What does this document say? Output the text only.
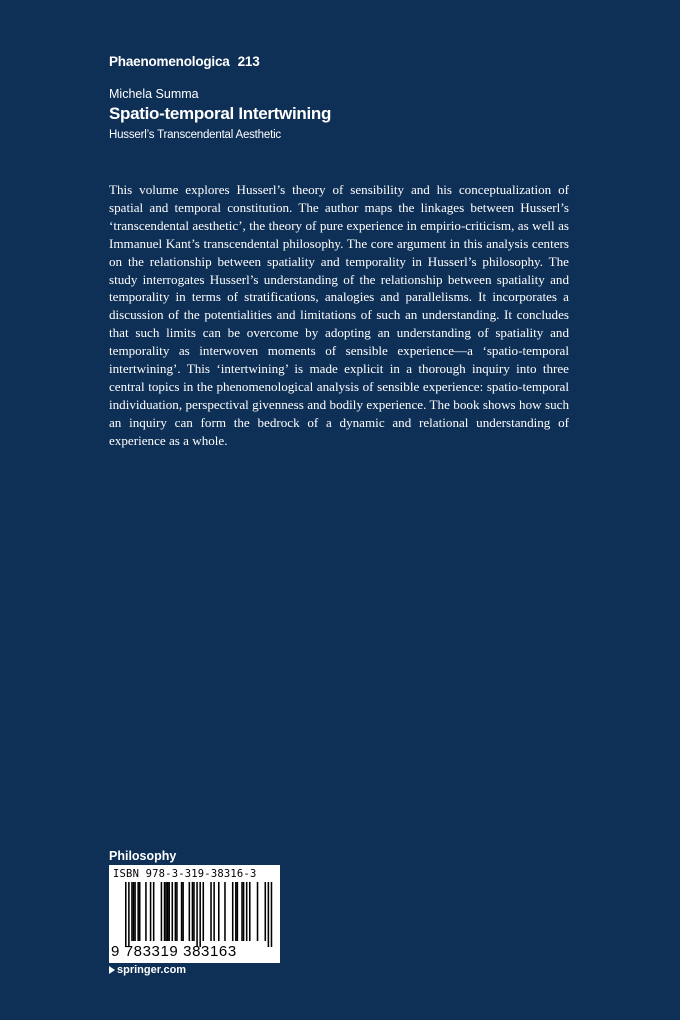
Phaenomenologica 213
Michela Summa
Spatio-temporal Intertwining
Husserl’s Transcendental Aesthetic

This volume explores Husserl’s theory of sensibility and his conceptualization of spatial and temporal constitution. The author maps the linkages between Husserl’s ‘transcendental aesthetic’, the theory of pure experience in empirio-criticism, as well as Immanuel Kant’s transcendental philosophy. The core argument in this analysis centers on the relationship between spatiality and temporality in Husserl’s philosophy. The study interrogates Husserl’s understanding of the relationship between spatiality and temporality in terms of stratifications, analogies and parallelisms. It incorporates a discussion of the potentialities and limitations of such an understanding. It concludes that such limits can be overcome by adopting an understanding of spatiality and temporality as interwoven moments of sensible experience—a ‘spatio-temporal intertwining’. This ‘intertwining’ is made explicit in a thorough inquiry into three central topics in the phenomenological analysis of sensible experience: spatio-temporal individuation, perspectival givenness and bodily experience. The book shows how such an inquiry can form the bedrock of a dynamic and relational understanding of experience as a whole.

Philosophy
ISBN 978-3-319-38316-3
9 783319 383163
springer.com
